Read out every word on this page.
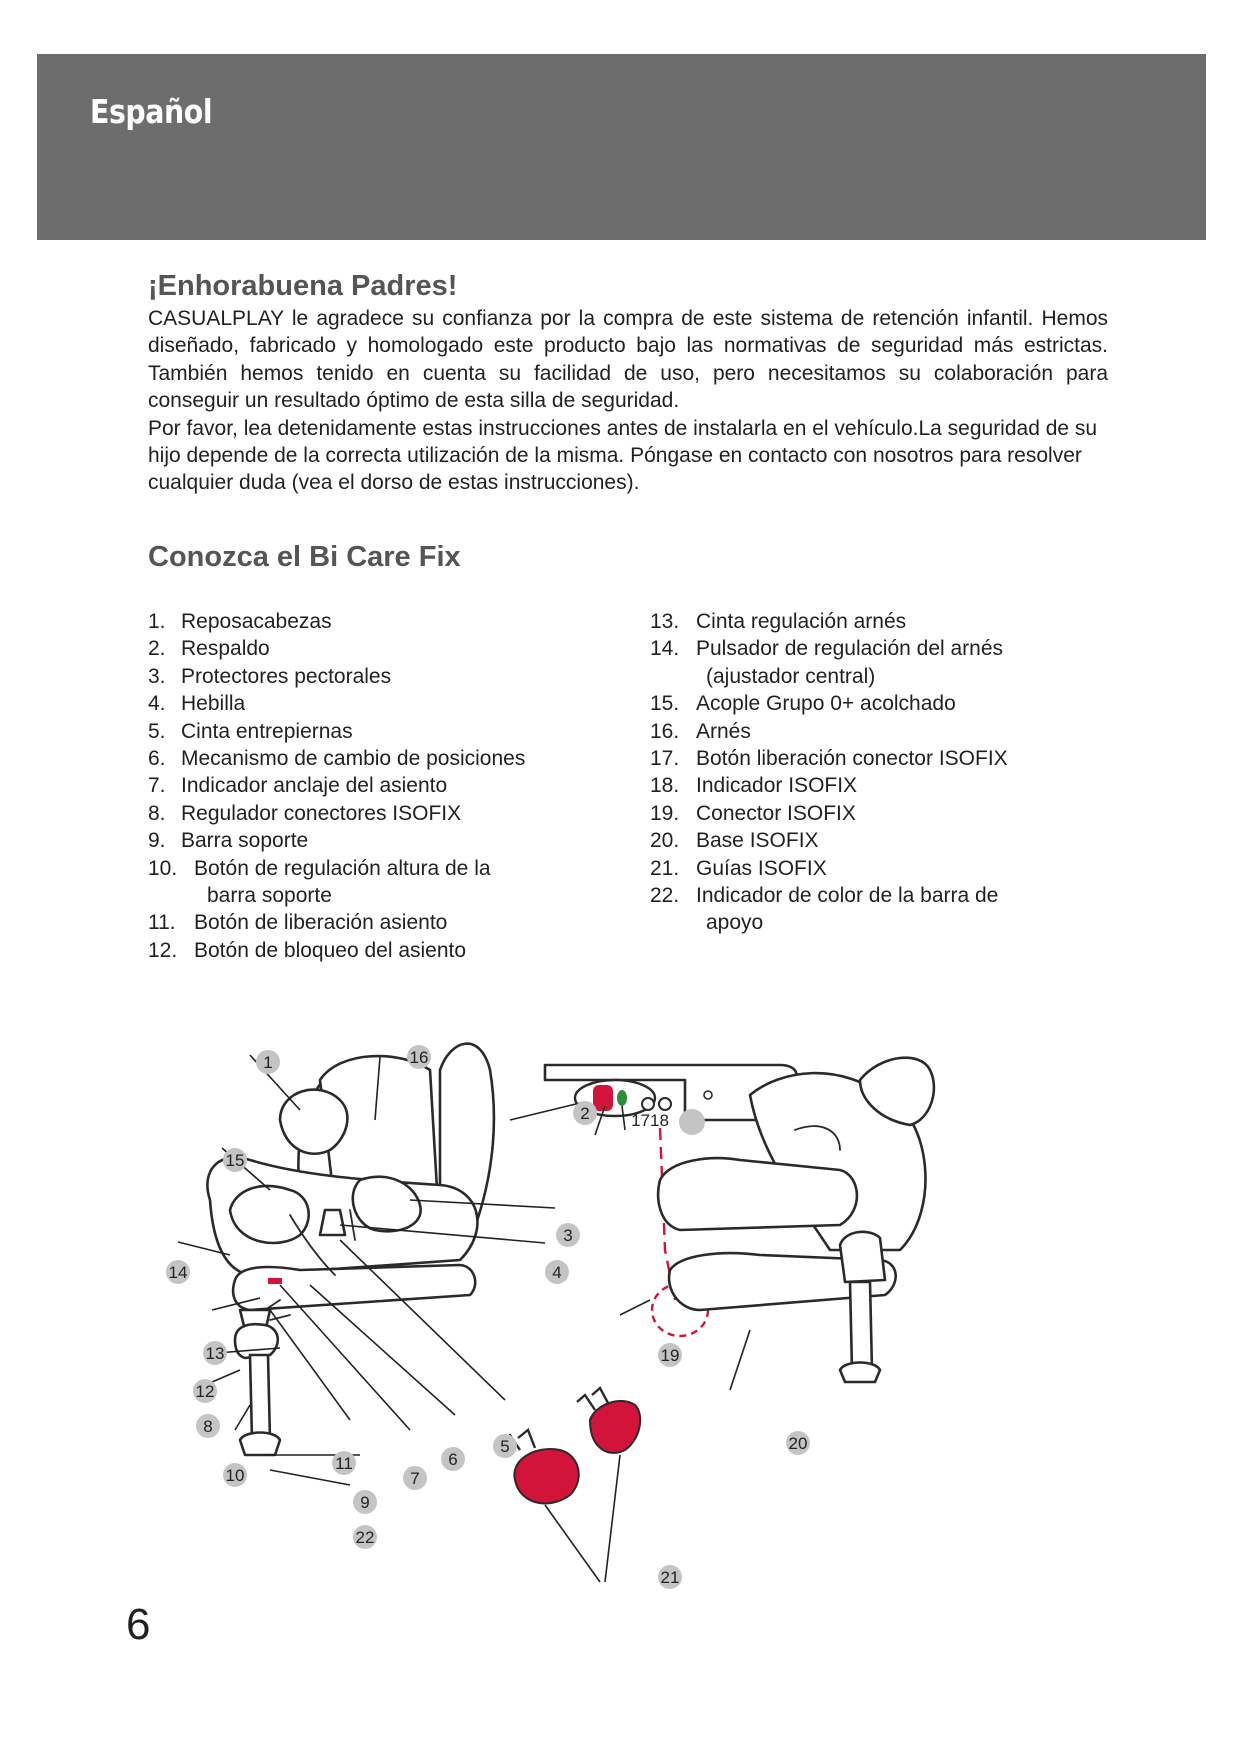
Español
¡Enhorabuena Padres!

CASUALPLAY le agradece su confianza por la compra de este sistema de retención infantil. Hemos diseñado, fabricado y homologado este producto bajo las normativas de seguridad más estrictas. También hemos tenido en cuenta su facilidad de uso, pero necesitamos su colaboración para conseguir un resultado óptimo de esta silla de seguridad.

Por favor, lea detenidamente estas instrucciones antes de instalarla en el vehículo.La seguridad de su hijo depende de la correcta utilización de la misma. Póngase en contacto con nosotros para resolver cualquier duda (vea el dorso de estas instrucciones).

Conozca el Bi Care Fix
1. Reposacabezas
2. Respaldo
3. Protectores pectorales
4. Hebilla
5. Cinta entrepiernas
6. Mecanismo de cambio de posiciones
7. Indicador anclaje del asiento
8. Regulador conectores ISOFIX
9. Barra soporte
10. Botón de regulación altura de la
barra soporte
11. Botón de liberación asiento
12. Botón de bloqueo del asiento
13. Cinta regulación arnés
14. Pulsador de regulación del arnés
(ajustador central)
15. Acople Grupo 0+ acolchado
16. Arnés
17. Botón liberación conector ISOFIX
18. Indicador ISOFIX
19. Conector ISOFIX
20. Base ISOFIX
21. Guías ISOFIX
22. Indicador de color de la barra de
apoyo
1	16
2
15
3
4
14
13
12
8
10
11
7
6
5
9
22
1718
19
20
21

6
